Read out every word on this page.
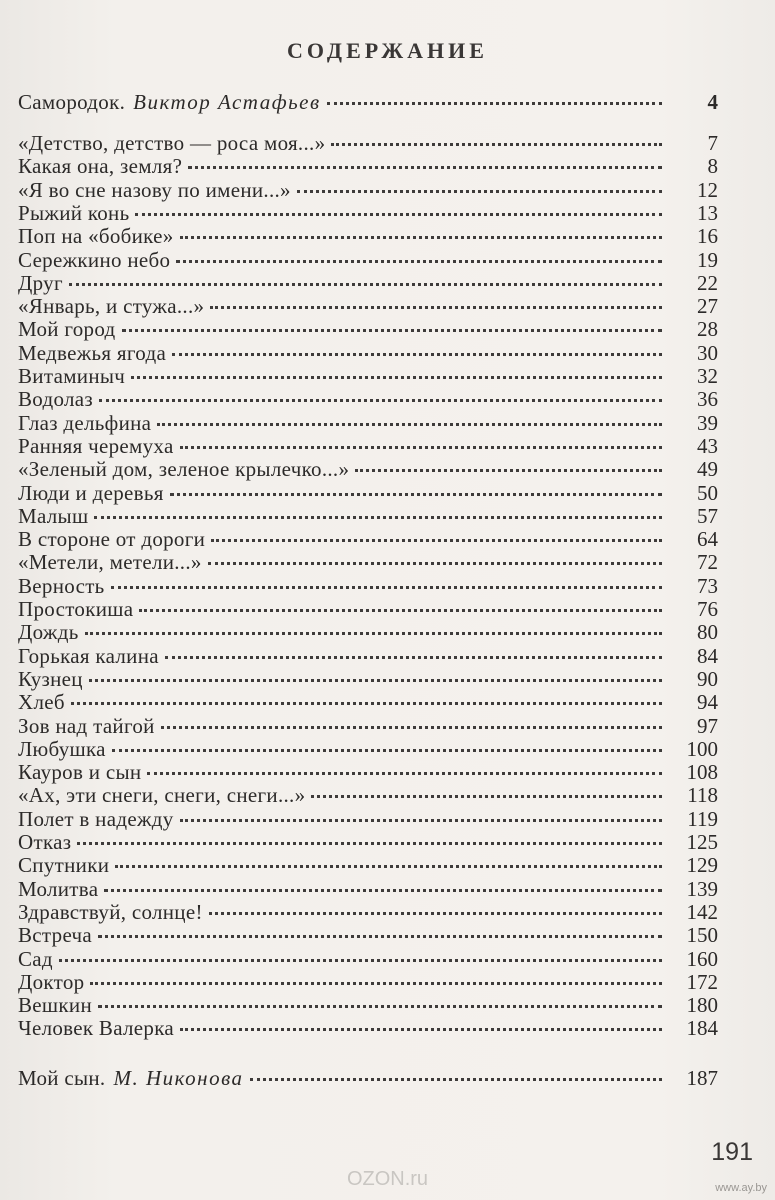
СОДЕРЖАНИЕ
Самородок. Виктор Астафьев	4
«Детство, детство — роса моя...»	7
Какая она, земля?	8
«Я во сне назову по имени...»	12
Рыжий конь	13
Поп на «бобике»	16
Сережкино небо	19
Друг	22
«Январь, и стужа...»	27
Мой город	28
Медвежья ягода	30
Витаминыч	32
Водолаз	36
Глаз дельфина	39
Ранняя черемуха	43
«Зеленый дом, зеленое крылечко...»	49
Люди и деревья	50
Малыш	57
В стороне от дороги	64
«Метели, метели...»	72
Верность	73
Простокиша	76
Дождь	80
Горькая калина	84
Кузнец	90
Хлеб	94
Зов над тайгой	97
Любушка	100
Кауров и сын	108
«Ах, эти снеги, снеги, снеги...»	118
Полет в надежду	119
Отказ	125
Спутники	129
Молитва	139
Здравствуй, солнце!	142
Встреча	150
Сад	160
Доктор	172
Вешкин	180
Человек Валерка	184
Мой сын. М. Никонова	187
191
OZON.ru	www.ay.by
